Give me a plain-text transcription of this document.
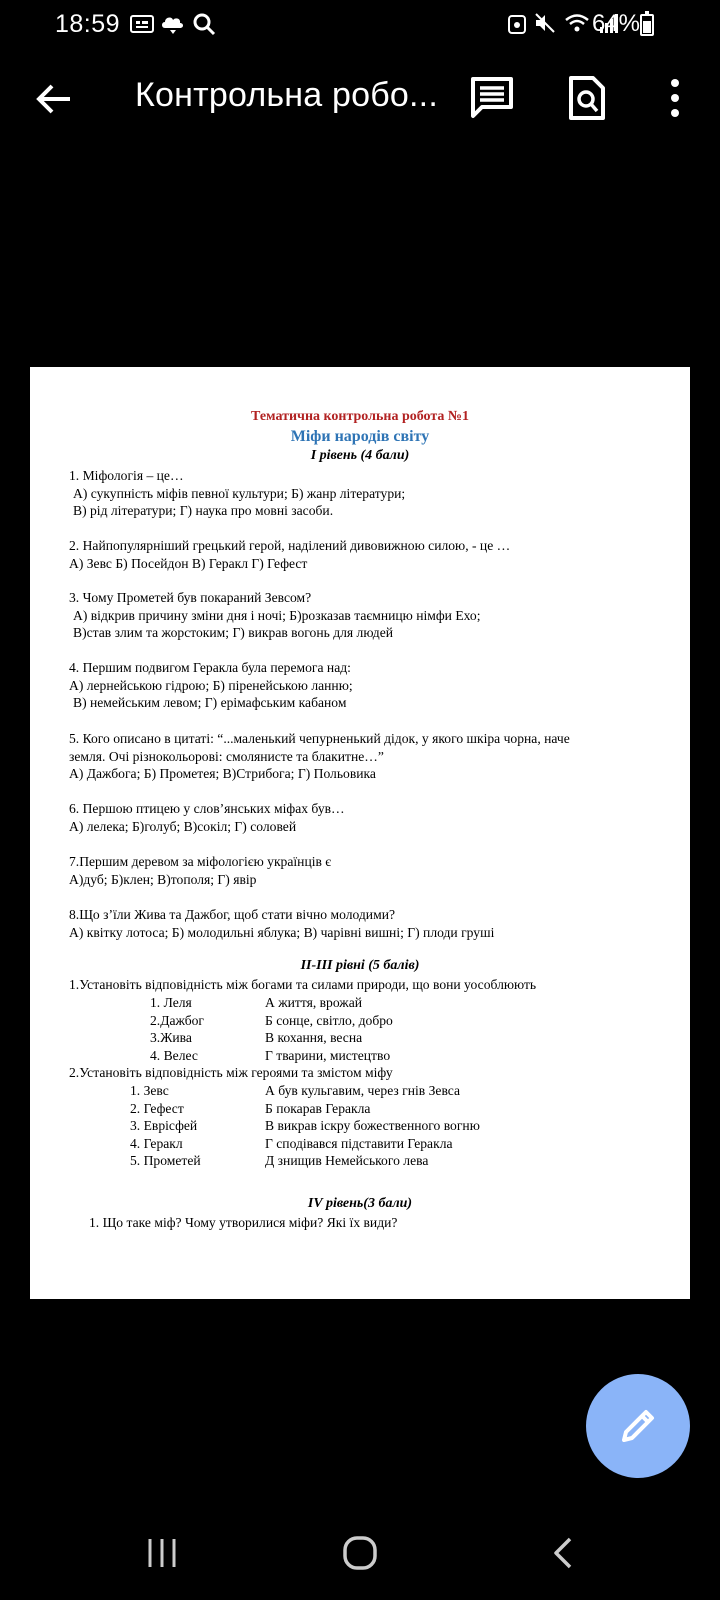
18:59	64%
Контрольна робо...
Тематична контрольна робота №1
Міфи народів світу
І рівень (4 бали)
1. Міфологія – це…
А) сукупність міфів певної культури; Б) жанр літератури;
В) рід літератури; Г) наука про мовні засоби.
2. Найпопулярніший грецький герой, наділений дивовижною силою, - це …
А) Зевс Б) Посейдон В) Геракл Г) Гефест
3. Чому Прометей був покараний Зевсом?
А) відкрив причину зміни дня і ночі; Б)розказав таємницю німфи Ехо;
В)став злим та жорстоким; Г) викрав вогонь для людей
4. Першим подвигом Геракла була перемога над:
А) лернейською гідрою; Б) піренейською ланню;
В) немейським левом; Г) ерімафським кабаном
5. Кого описано в цитаті: “...маленький чепурненький дідок, у якого шкіра чорна, наче
земля. Очі різнокольорові: смолянисте та блакитне…”
А) Дажбога; Б) Прометея; В)Стрибога; Г) Польовика
6. Першою птицею у слов’янських міфах був…
А) лелека; Б)голуб; В)сокіл; Г) соловей
7.Першим деревом за міфологією українців є
А)дуб; Б)клен; В)тополя; Г) явір
8.Що з’їли Жива та Дажбог, щоб стати вічно молодими?
А) квітку лотоса; Б) молодильні яблука; В) чарівні вишні; Г) плоди груші
ІІ-ІІІ рівні (5 балів)
1.Установіть відповідність між богами та силами природи, що вони уособлюють
1. Леля	А життя, врожай
2.Дажбог	Б сонце, світло, добро
3.Жива	В кохання, весна
4. Велес	Г тварини, мистецтво
2.Установіть відповідність між героями та змістом міфу
1. Зевс	А був кульгавим, через гнів Зевса
2. Гефест	Б покарав Геракла
3. Еврісфей	В викрав іскру божественного вогню
4. Геракл	Г сподівався підставити Геракла
5. Прометей	Д знищив Немейського лева
IV рівень(3 бали)
1. Що таке міф? Чому утворилися міфи? Які їх види?
